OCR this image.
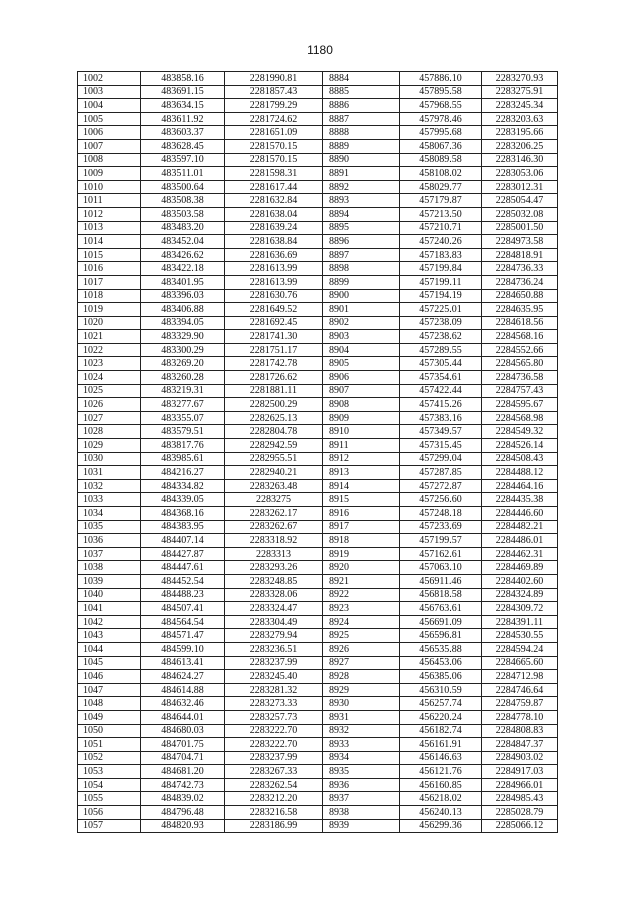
1180
1002	483858.16	2281990.81	8884	457886.10	2283270.93
1003	483691.15	2281857.43	8885	457895.58	2283275.91
1004	483634.15	2281799.29	8886	457968.55	2283245.34
1005	483611.92	2281724.62	8887	457978.46	2283203.63
1006	483603.37	2281651.09	8888	457995.68	2283195.66
1007	483628.45	2281570.15	8889	458067.36	2283206.25
1008	483597.10	2281570.15	8890	458089.58	2283146.30
1009	483511.01	2281598.31	8891	458108.02	2283053.06
1010	483500.64	2281617.44	8892	458029.77	2283012.31
1011	483508.38	2281632.84	8893	457179.87	2285054.47
1012	483503.58	2281638.04	8894	457213.50	2285032.08
1013	483483.20	2281639.24	8895	457210.71	2285001.50
1014	483452.04	2281638.84	8896	457240.26	2284973.58
1015	483426.62	2281636.69	8897	457183.83	2284818.91
1016	483422.18	2281613.99	8898	457199.84	2284736.33
1017	483401.95	2281613.99	8899	457199.11	2284736.24
1018	483396.03	2281630.76	8900	457194.19	2284650.88
1019	483406.88	2281649.52	8901	457225.01	2284635.95
1020	483394.05	2281692.45	8902	457238.09	2284618.56
1021	483329.90	2281741.30	8903	457238.62	2284568.16
1022	483300.29	2281751.17	8904	457289.55	2284552.66
1023	483269.20	2281742.78	8905	457305.44	2284565.80
1024	483260.28	2281726.62	8906	457354.61	2284736.58
1025	483219.31	2281881.11	8907	457422.44	2284757.43
1026	483277.67	2282500.29	8908	457415.26	2284595.67
1027	483355.07	2282625.13	8909	457383.16	2284568.98
1028	483579.51	2282804.78	8910	457349.57	2284549.32
1029	483817.76	2282942.59	8911	457315.45	2284526.14
1030	483985.61	2282955.51	8912	457299.04	2284508.43
1031	484216.27	2282940.21	8913	457287.85	2284488.12
1032	484334.82	2283263.48	8914	457272.87	2284464.16
1033	484339.05	2283275	8915	457256.60	2284435.38
1034	484368.16	2283262.17	8916	457248.18	2284446.60
1035	484383.95	2283262.67	8917	457233.69	2284482.21
1036	484407.14	2283318.92	8918	457199.57	2284486.01
1037	484427.87	2283313	8919	457162.61	2284462.31
1038	484447.61	2283293.26	8920	457063.10	2284469.89
1039	484452.54	2283248.85	8921	456911.46	2284402.60
1040	484488.23	2283328.06	8922	456818.58	2284324.89
1041	484507.41	2283324.47	8923	456763.61	2284309.72
1042	484564.54	2283304.49	8924	456691.09	2284391.11
1043	484571.47	2283279.94	8925	456596.81	2284530.55
1044	484599.10	2283236.51	8926	456535.88	2284594.24
1045	484613.41	2283237.99	8927	456453.06	2284665.60
1046	484624.27	2283245.40	8928	456385.06	2284712.98
1047	484614.88	2283281.32	8929	456310.59	2284746.64
1048	484632.46	2283273.33	8930	456257.74	2284759.87
1049	484644.01	2283257.73	8931	456220.24	2284778.10
1050	484680.03	2283222.70	8932	456182.74	2284808.83
1051	484701.75	2283222.70	8933	456161.91	2284847.37
1052	484704.71	2283237.99	8934	456146.63	2284903.02
1053	484681.20	2283267.33	8935	456121.76	2284917.03
1054	484742.73	2283262.54	8936	456160.85	2284966.01
1055	484839.02	2283212.20	8937	456218.02	2284985.43
1056	484796.48	2283216.58	8938	456240.13	2285028.79
1057	484820.93	2283186.99	8939	456299.36	2285066.12
